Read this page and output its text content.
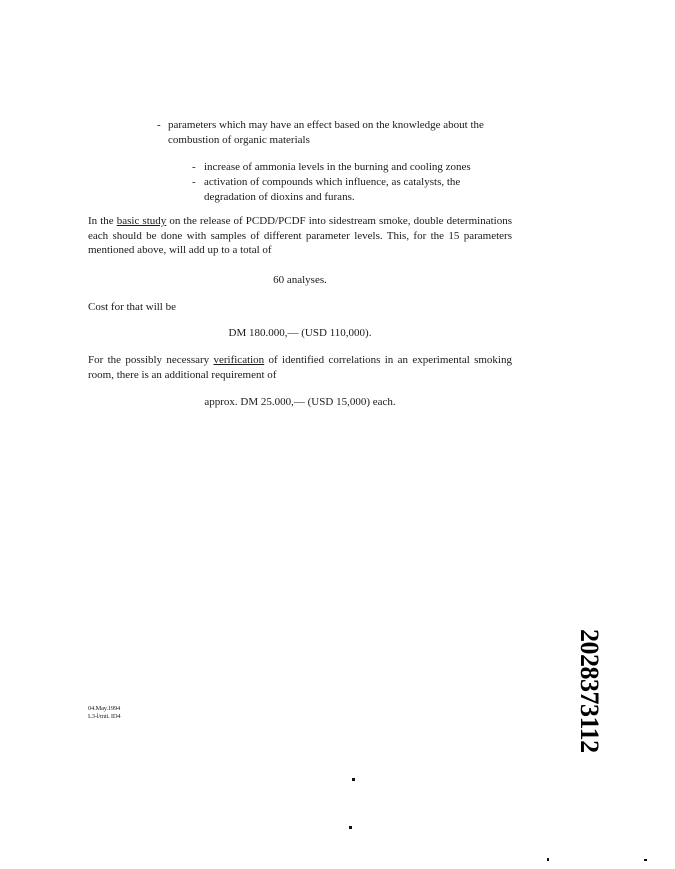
- parameters which may have an effect based on the knowledge about the combustion of organic materials
- increase of ammonia levels in the burning and cooling zones
- activation of compounds which influence, as catalysts, the degradation of dioxins and furans.

In the basic study on the release of PCDD/PCDF into sidestream smoke, double determinations each should be done with samples of different parameter levels. This, for the 15 parameters mentioned above, will add up to a total of

60 analyses.
Cost for that will be
DM 180.000,— (USD 110,000).

For the possibly necessary verification of identified correlations in an experimental smoking room, there is an additional requirement of

approx. DM 25.000,— (USD 15,000) each.
04.May.1994
L3-l/mit. ID4	2028373112
